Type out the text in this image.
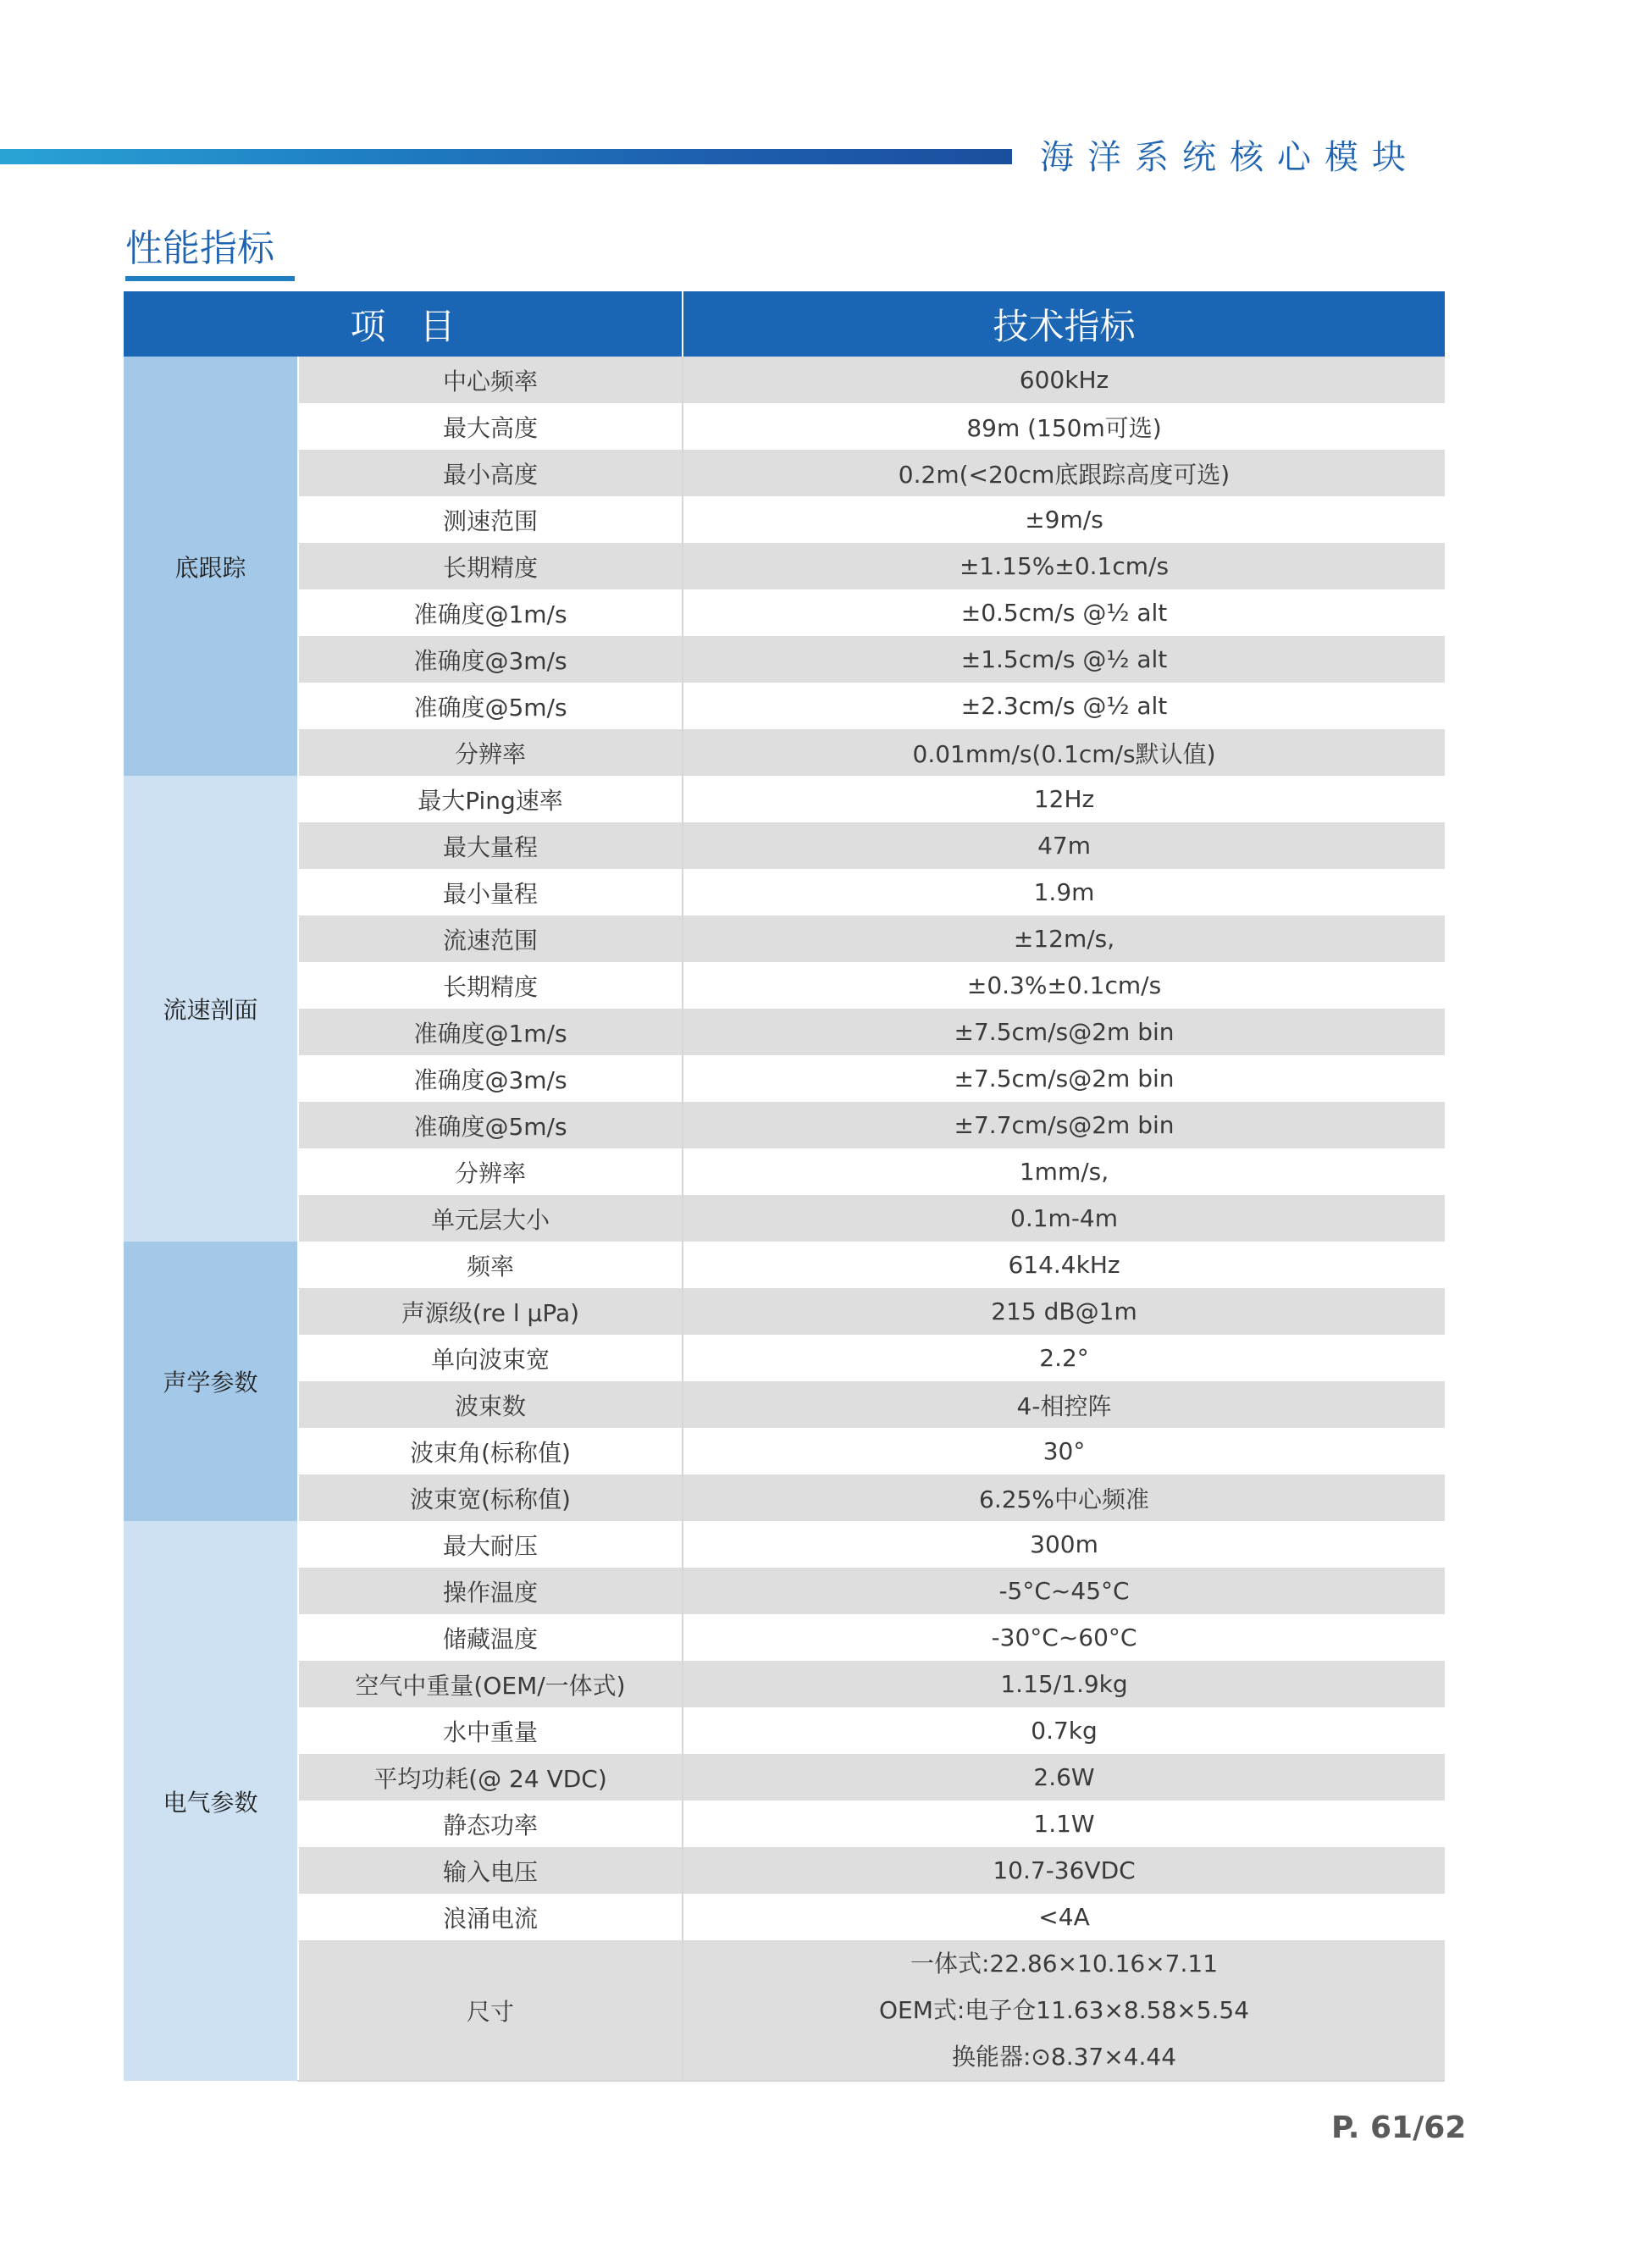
海洋系统核心模块
性能指标
项目		技术指标
底跟踪	中心频率	600kHz
	最大高度	89m (150m可选)
	最小高度	0.2m(<20cm底跟踪高度可选)
	测速范围	±9m/s
	长期精度	±1.15%±0.1cm/s
	准确度@1m/s	±0.5cm/s @½ alt
	准确度@3m/s	±1.5cm/s @½ alt
	准确度@5m/s	±2.3cm/s @½ alt
	分辨率	0.01mm/s(0.1cm/s默认值)
流速剖面	最大Ping速率	12Hz
	最大量程	47m
	最小量程	1.9m
	流速范围	±12m/s,
	长期精度	±0.3%±0.1cm/s
	准确度@1m/s	±7.5cm/s@2m bin
	准确度@3m/s	±7.5cm/s@2m bin
	准确度@5m/s	±7.7cm/s@2m bin
	分辨率	1mm/s,
	单元层大小	0.1m-4m
声学参数	频率	614.4kHz
	声源级(re l μPa)	215 dB@1m
	单向波束宽	2.2°
	波束数	4-相控阵
	波束角(标称值)	30°
	波束宽(标称值)	6.25%中心频准
电气参数	最大耐压	300m
	操作温度	-5°C~45°C
	储藏温度	-30°C~60°C
	空气中重量(OEM/一体式)	1.15/1.9kg
	水中重量	0.7kg
	平均功耗(@ 24 VDC)	2.6W
	静态功率	1.1W
	输入电压	10.7-36VDC
	浪涌电流	<4A
	尺寸	一体式:22.86×10.16×7.11
OEM式:电子仓11.63×8.58×5.54
换能器:⊙8.37×4.44
P. 61/62
